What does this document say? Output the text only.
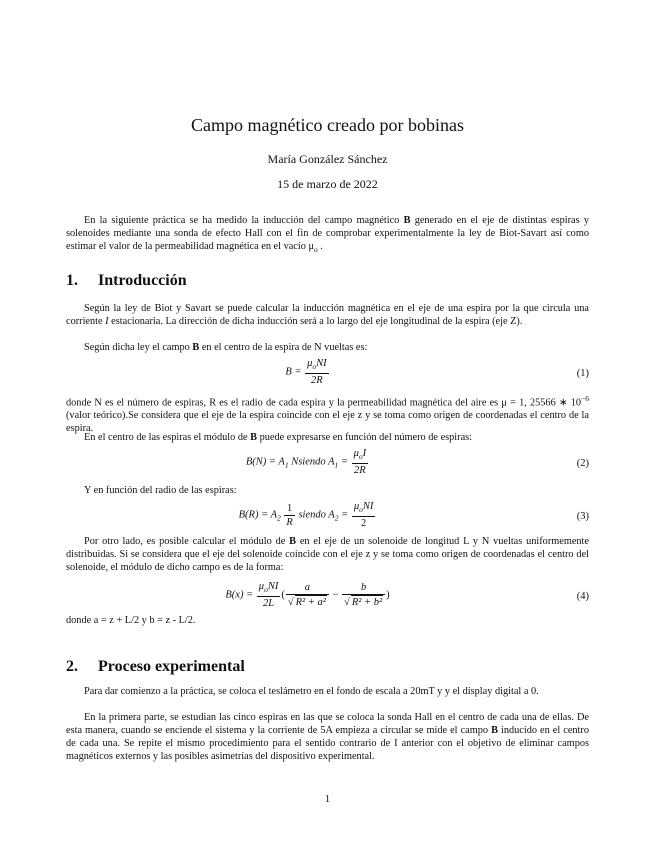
Campo magnético creado por bobinas
María González Sánchez
15 de marzo de 2022
En la siguiente práctica se ha medido la inducción del campo magnético B generado en el eje de distintas espiras y solenoides mediante una sonda de efecto Hall con el fin de comprobar experimentalmente la ley de Biot-Savart así como estimar el valor de la permeabilidad magnética en el vacío $\mu_o$ .
1. Introducción
Según la ley de Biot y Savart se puede calcular la inducción magnética en el eje de una espira por la que circula una corriente I estacionaria. La dirección de dicha inducción será a lo largo del eje longitudinal de la espira (eje Z).
Según dicha ley el campo B en el centro de la espira de N vueltas es:
$B = \frac{\mu_oNI}{2R}$	(1)
donde N es el número de espiras, R es el radio de cada espira y la permeabilidad magnética del aire es μ = 1, 25566 ∗ $10^{-6}$ (valor teórico).Se considera que el eje de la espira coincide con el eje z y se toma como origen de coordenadas el centro de la espira.
En el centro de las espiras el módulo de B puede expresarse en función del número de espiras:
$B(N) = A_1$ Nsiendo $A_1 = \frac{\mu_oI}{2R}$	(2)
Y en función del radio de las espiras:
$B(R) = A_2 \frac{1}{R}$ siendo $A_2 = \frac{\mu_oNI}{2}$	(3)
Por otro lado, es posible calcular el módulo de B en el eje de un solenoide de longitud L y N vueltas uniformemente distribuidas. Si se considera que el eje del solenoide coincide con el eje z y se toma como origen de coordenadas el centro del solenoide, el módulo de dicho campo es de la forma:
$B(x) = \frac{\mu_oNI}{2L}$ ( $\frac{a}{\text{√ R² + a²}} - \frac{b}{\text{√ R² + b²}}$ )	(4)
donde a = z + L/2 y b = z - L/2.
2. Proceso experimental
Para dar comienzo a la práctica, se coloca el teslámetro en el fondo de escala a 20mT y y el display digital a 0.
En la primera parte, se estudian las cinco espiras en las que se coloca la sonda Hall en el centro de cada una de ellas. De esta manera, cuando se enciende el sistema y la corriente de 5A empieza a circular se mide el campo B inducido en el centro de cada una. Se repite el mismo procedimiento para el sentido contrario de I anterior con el objetivo de eliminar campos magnéticos externos y las posibles asimetrías del dispositivo experimental.
1
